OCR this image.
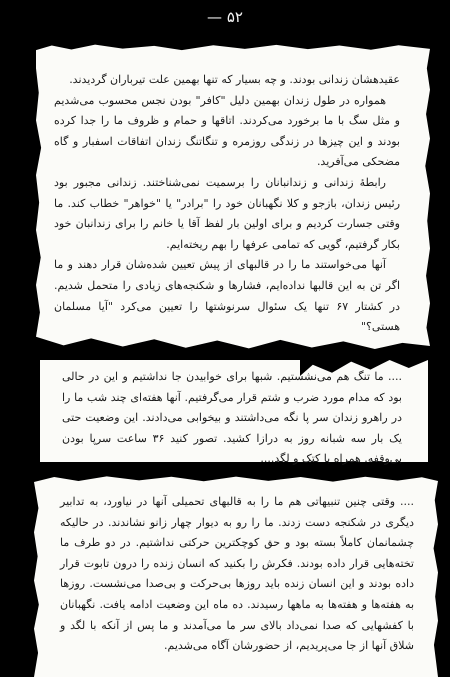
— ۵۲

عقیدهشان زندانی بودند. و چه بسیار که تنها بهمین علت تیرباران گردیدند.

همواره در طول زندان بهمین دلیل "کافر" بودن نجس محسوب می‌شدیم و مثل سگ با ما برخورد می‌کردند. اتاقها و حمام و ظروف ما را جدا کرده بودند و این چیزها در زندگی روزمره و تنگاتنگ زندان اتفاقات اسفبار و گاه مضحکی می‌آفرید.

رابطهٔ زندانی و زندانبانان را برسمیت نمی‌شناختند. زندانی مجبور بود رئیس زندان، بازجو و کلا نگهبانان خود را "برادر" یا "خواهر" خطاب کند. ما وقتی جسارت کردیم و برای اولین بار لفظ آقا یا خانم را برای زندانبان خود بکار گرفتیم، گویی که تمامی عرفها را بهم ریخته‌ایم.

آنها می‌خواستند ما را در قالبهای از پیش تعیین شده‌شان قرار دهند و ما اگر تن به این قالبها نداده‌ایم، فشارها و شکنجه‌های زیادی را متحمل شدیم. در کشتار ۶۷ تنها یک سئوال سرنوشتها را تعیین می‌کرد "آیا مسلمان هستی؟"

.... ما تنگ هم می‌نشستیم. شبها برای خوابیدن جا نداشتیم و این در حالی بود که مدام مورد ضرب و شتم قرار می‌گرفتیم. آنها هفته‌ای چند شب ما را در راهرو زندان سر پا نگه می‌داشتند و بیخوابی می‌دادند. این وضعیت حتی یک بار سه شبانه روز به درازا کشید. تصور کنید ۳۶ ساعت سرپا بودن بی‌وقفه. همراه با کتک و لگد....

.... وقتی چنین تنبیهاتی هم ما را به قالبهای تحمیلی آنها در نیاورد، به تدابیر دیگری در شکنجه دست زدند. ما را رو به دیوار چهار زانو نشاندند. در حالیکه چشمانمان کاملاً بسته بود و حق کوچکترین حرکتی نداشتیم. در دو طرف ما تخته‌هایی قرار داده بودند. فکرش را بکنید که انسان زنده را درون تابوت قرار داده بودند و این انسان زنده باید روزها بی‌حرکت و بی‌صدا می‌نشست. روزها به هفته‌ها و هفته‌ها به ماهها رسیدند. ده ماه این وضعیت ادامه یافت. نگهبانان با کفشهایی که صدا نمی‌داد بالای سر ما می‌آمدند و ما پس از آنکه با لگد و شلاق آنها از جا می‌پریدیم، از حضورشان آگاه می‌شدیم.
